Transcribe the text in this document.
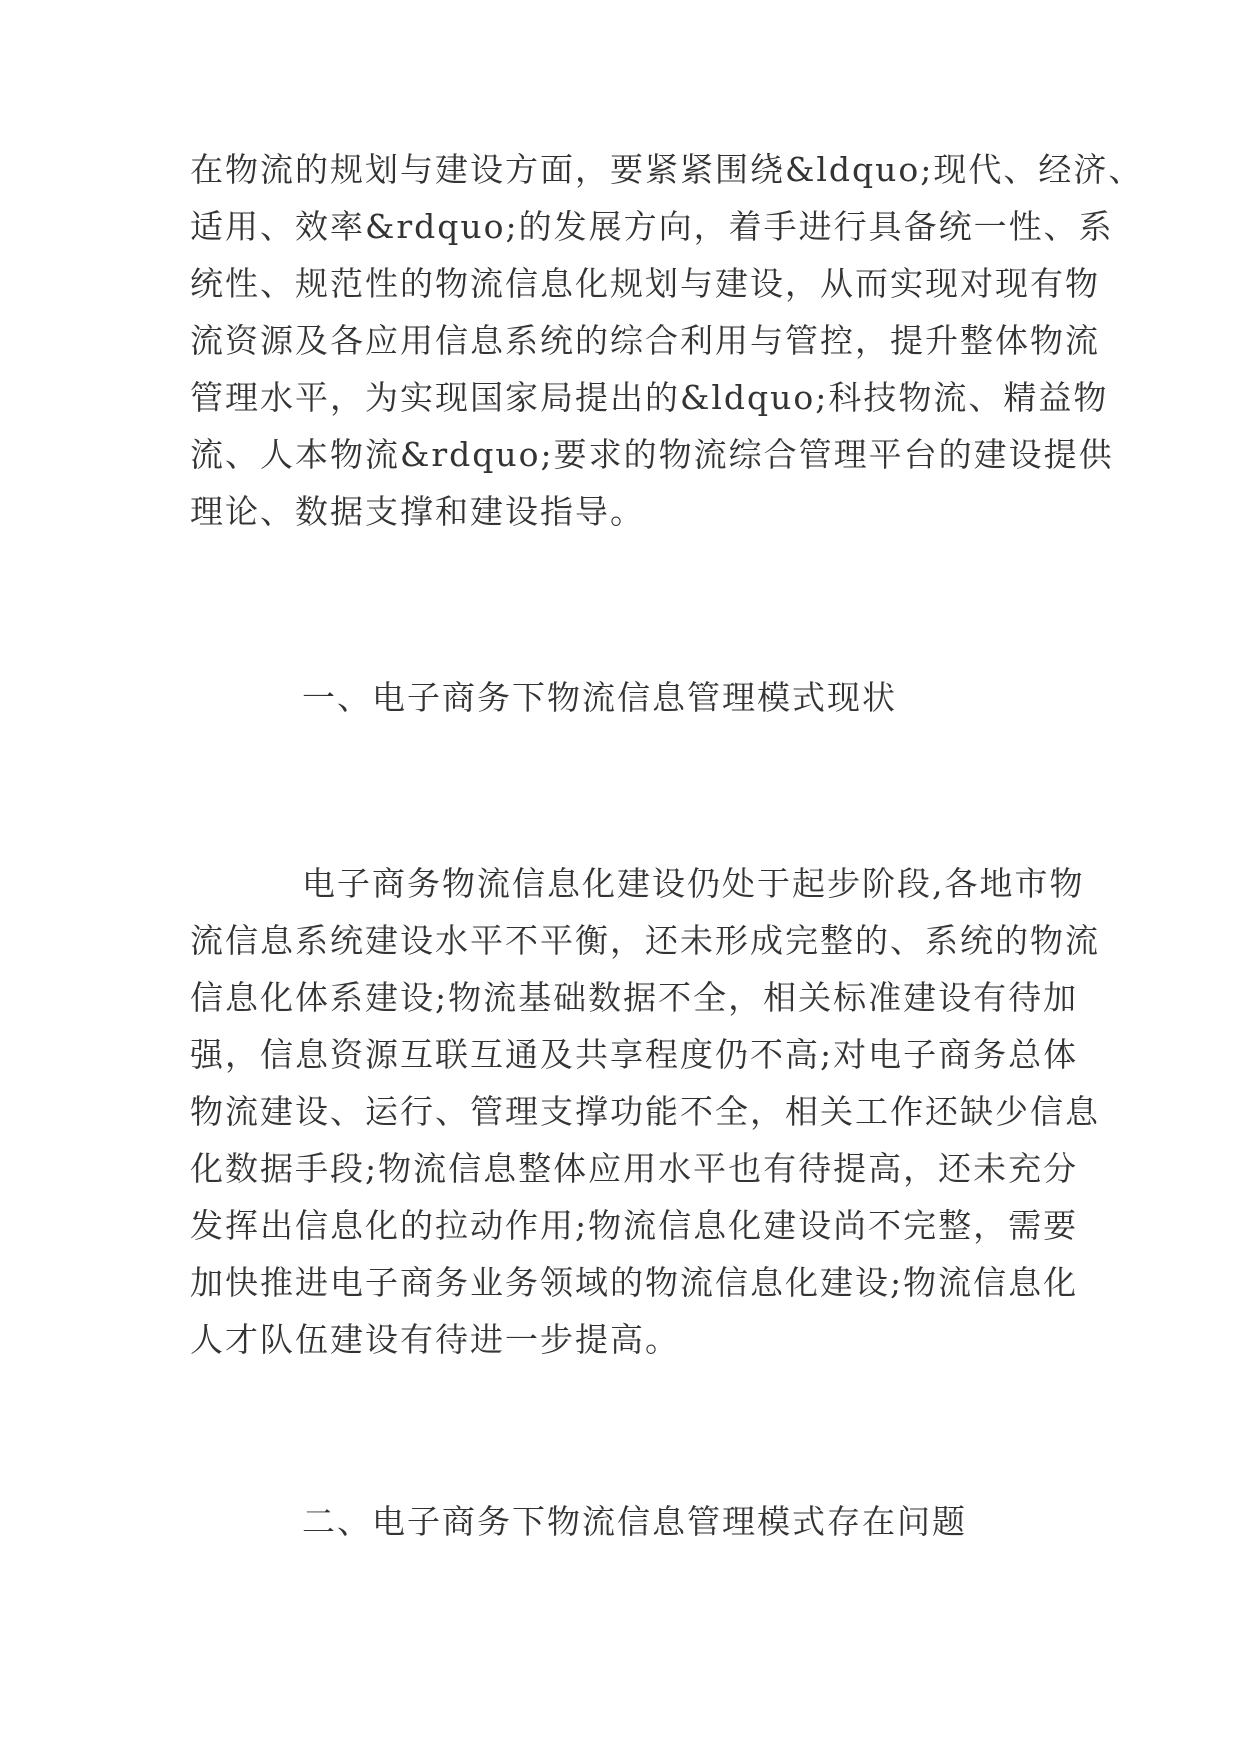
在物流的规划与建设方面，要紧紧围绕&ldquo;现代、经济、
适用、效率&rdquo;的发展方向，着手进行具备统一性、系
统性、规范性的物流信息化规划与建设，从而实现对现有物
流资源及各应用信息系统的综合利用与管控，提升整体物流
管理水平，为实现国家局提出的&ldquo;科技物流、精益物
流、人本物流&rdquo;要求的物流综合管理平台的建设提供
理论、数据支撑和建设指导。
一、电子商务下物流信息管理模式现状
电子商务物流信息化建设仍处于起步阶段,各地市物
流信息系统建设水平不平衡，还未形成完整的、系统的物流
信息化体系建设;物流基础数据不全，相关标准建设有待加
强，信息资源互联互通及共享程度仍不高;对电子商务总体
物流建设、运行、管理支撑功能不全，相关工作还缺少信息
化数据手段;物流信息整体应用水平也有待提高，还未充分
发挥出信息化的拉动作用;物流信息化建设尚不完整，需要
加快推进电子商务业务领域的物流信息化建设;物流信息化
人才队伍建设有待进一步提高。
二、电子商务下物流信息管理模式存在问题
